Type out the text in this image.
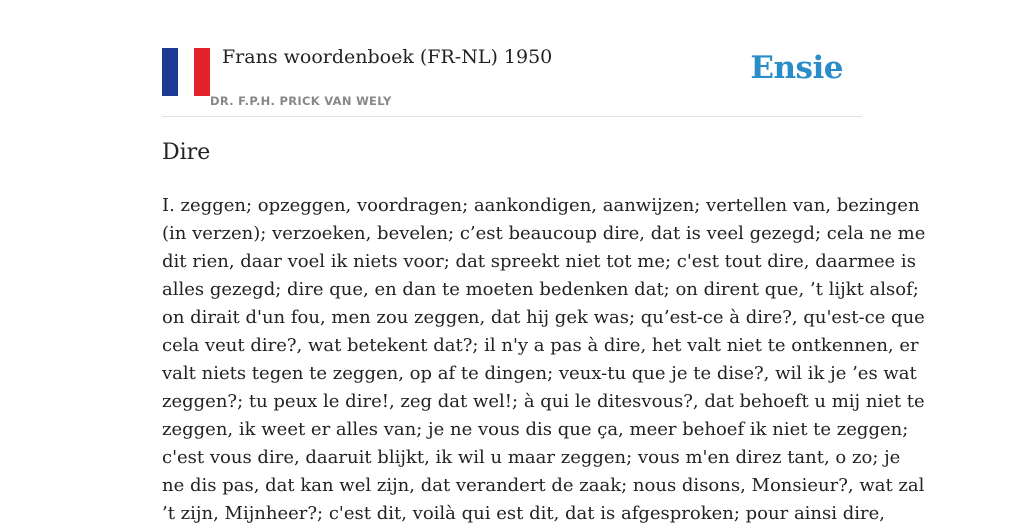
Frans woordenboek (FR-NL) 1950
DR. F.P.H. PRICK VAN WELY
Ensie
Dire

I. zeggen; opzeggen, voordragen; aankondigen, aanwijzen; vertellen van, bezingen
(in verzen); verzoeken, bevelen; c’est beaucoup dire, dat is veel gezegd; cela ne me
dit rien, daar voel ik niets voor; dat spreekt niet tot me; c'est tout dire, daarmee is
alles gezegd; dire que, en dan te moeten bedenken dat; on dirent que, ’t lijkt alsof;
on dirait d'un fou, men zou zeggen, dat hij gek was; qu’est-ce à dire?, qu'est-ce que
cela veut dire?, wat betekent dat?; il n'y a pas à dire, het valt niet te ontkennen, er
valt niets tegen te zeggen, op af te dingen; veux-tu que je te dise?, wil ik je ’es wat
zeggen?; tu peux le dire!, zeg dat wel!; à qui le ditesvous?, dat behoeft u mij niet te
zeggen, ik weet er alles van; je ne vous dis que ça, meer behoef ik niet te zeggen;
c'est vous dire, daaruit blijkt, ik wil u maar zeggen; vous m'en direz tant, o zo; je
ne dis pas, dat kan wel zijn, dat verandert de zaak; nous disons, Monsieur?, wat zal
’t zijn, Mijnheer?; c'est dit, voilà qui est dit, dat is afgesproken; pour ainsi dire,
